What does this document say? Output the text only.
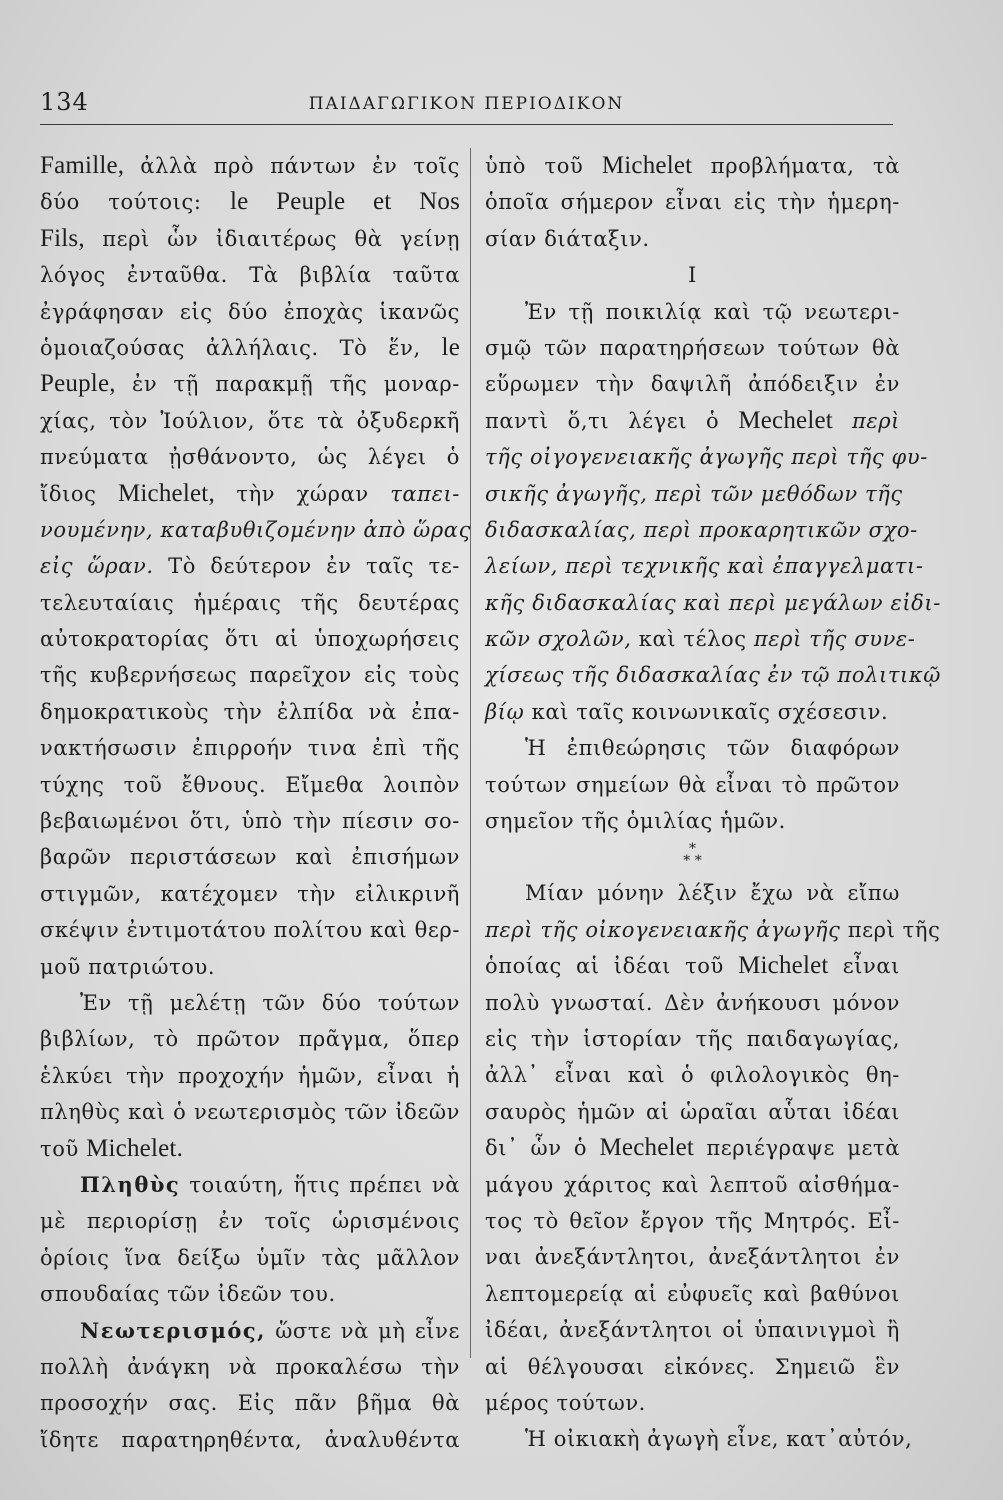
134	ΠΑΙΔΑΓΩΓΙΚΟΝ ΠΕΡΙΟΔΙΚΟΝ
Famille, ἀλλὰ πρὸ πάντων ἐν τοῖς
δύο τούτοις: le Peuple et Nos
Fils, περὶ ὧν ἰδιαιτέρως θὰ γείνῃ
λόγος ἐνταῦθα. Τὰ βιβλία ταῦτα
ἐγράφησαν εἰς δύο ἐποχὰς ἱκανῶς
ὁμοιαζούσας ἀλλήλαις. Τὸ ἕν, le
Peuple, ἐν τῇ παρακμῇ τῆς μοναρ-
χίας, τὸν Ἰούλιον, ὅτε τὰ ὀξυδερκῆ
πνεύματα ᾐσθάνοντο, ὡς λέγει ὁ
ἴδιος Michelet, τὴν χώραν ταπει-
νουμένην, καταβυθιζομένην ἀπὸ ὥρας
εἰς ὥραν. Τὸ δεύτερον ἐν ταῖς τε-
τελευταίαις ἡμέραις τῆς δευτέρας
αὐτοκρατορίας ὅτι αἱ ὑποχωρήσεις
τῆς κυβερνήσεως παρεῖχον εἰς τοὺς
δημοκρατικοὺς τὴν ἐλπίδα νὰ ἐπα-
νακτήσωσιν ἐπιρροήν τινα ἐπὶ τῆς
τύχης τοῦ ἔθνους. Εἴμεθα λοιπὸν
βεβαιωμένοι ὅτι, ὑπὸ τὴν πίεσιν σο-
βαρῶν περιστάσεων καὶ ἐπισήμων
στιγμῶν, κατέχομεν τὴν εἰλικρινῆ
σκέψιν ἐντιμοτάτου πολίτου καὶ θερ-
μοῦ πατριώτου.
Ἐν τῇ μελέτῃ τῶν δύο τούτων
βιβλίων, τὸ πρῶτον πρᾶγμα, ὅπερ
ἑλκύει τὴν προχοχήν ἡμῶν, εἶναι ἡ
πληθὺς καὶ ὁ νεωτερισμὸς τῶν ἰδεῶν
τοῦ Michelet.
Πληθὺς τοιαύτη, ἥτις πρέπει νὰ
μὲ περιορίσῃ ἐν τοῖς ὡρισμένοις
ὁρίοις ἵνα δείξω ὑμῖν τὰς μᾶλλον
σπουδαίας τῶν ἰδεῶν του.
Νεωτερισμός, ὥστε νὰ μὴ εἶνε
πολλὴ ἀνάγκη νὰ προκαλέσω τὴν
προσοχήν σας. Εἰς πᾶν βῆμα θὰ
ἴδητε παρατηρηθέντα, ἀναλυθέντα
ὑπὸ τοῦ Michelet προβλήματα, τὰ
ὁποῖα σήμερον εἶναι εἰς τὴν ἡμερη-
σίαν διάταξιν.
I
Ἐν τῇ ποικιλίᾳ καὶ τῷ νεωτερι-
σμῷ τῶν παρατηρήσεων τούτων θὰ
εὕρωμεν τὴν δαψιλῆ ἀπόδειξιν ἐν
παντὶ ὅ,τι λέγει ὁ Mechelet περὶ
τῆς οἰγογενειακῆς ἀγωγῆς περὶ τῆς φυ-
σικῆς ἀγωγῆς, περὶ τῶν μεθόδων τῆς
διδασκαλίας, περὶ προκαρητικῶν σχο-
λείων, περὶ τεχνικῆς καὶ ἐπαγγελματι-
κῆς διδασκαλίας καὶ περὶ μεγάλων εἰδι-
κῶν σχολῶν, καὶ τέλος περὶ τῆς συνε-
χίσεως τῆς διδασκαλίας ἐν τῷ πολιτικῷ
βίῳ καὶ ταῖς κοινωνικαῖς σχέσεσιν.
Ἡ ἐπιθεώρησις τῶν διαφόρων
τούτων σημείων θὰ εἶναι τὸ πρῶτον
σημεῖον τῆς ὁμιλίας ἡμῶν.
*
* *
Μίαν μόνην λέξιν ἔχω νὰ εἴπω
περὶ τῆς οἰκογενειακῆς ἀγωγῆς περὶ τῆς
ὁποίας αἱ ἰδέαι τοῦ Michelet εἶναι
πολὺ γνωσταί. Δὲν ἀνήκουσι μόνον
εἰς τὴν ἱστορίαν τῆς παιδαγωγίας,
ἀλλ᾽ εἶναι καὶ ὁ φιλολογικὸς θη-
σαυρὸς ἡμῶν αἱ ὡραῖαι αὗται ἰδέαι
δι᾽ ὧν ὁ Mechelet περιέγραψε μετὰ
μάγου χάριτος καὶ λεπτοῦ αἰσθήμα-
τος τὸ θεῖον ἔργον τῆς Μητρός. Εἶ-
ναι ἀνεξάντλητοι, ἀνεξάντλητοι ἐν
λεπτομερείᾳ αἱ εὐφυεῖς καὶ βαθύνοι
ἰδέαι, ἀνεξάντλητοι οἱ ὑπαινιγμοὶ ἢ
αἱ θέλγουσαι εἰκόνες. Σημειῶ ἓν
μέρος τούτων.
Ἡ οἰκιακὴ ἀγωγὴ εἶνε, κατ᾽αὐτόν,
